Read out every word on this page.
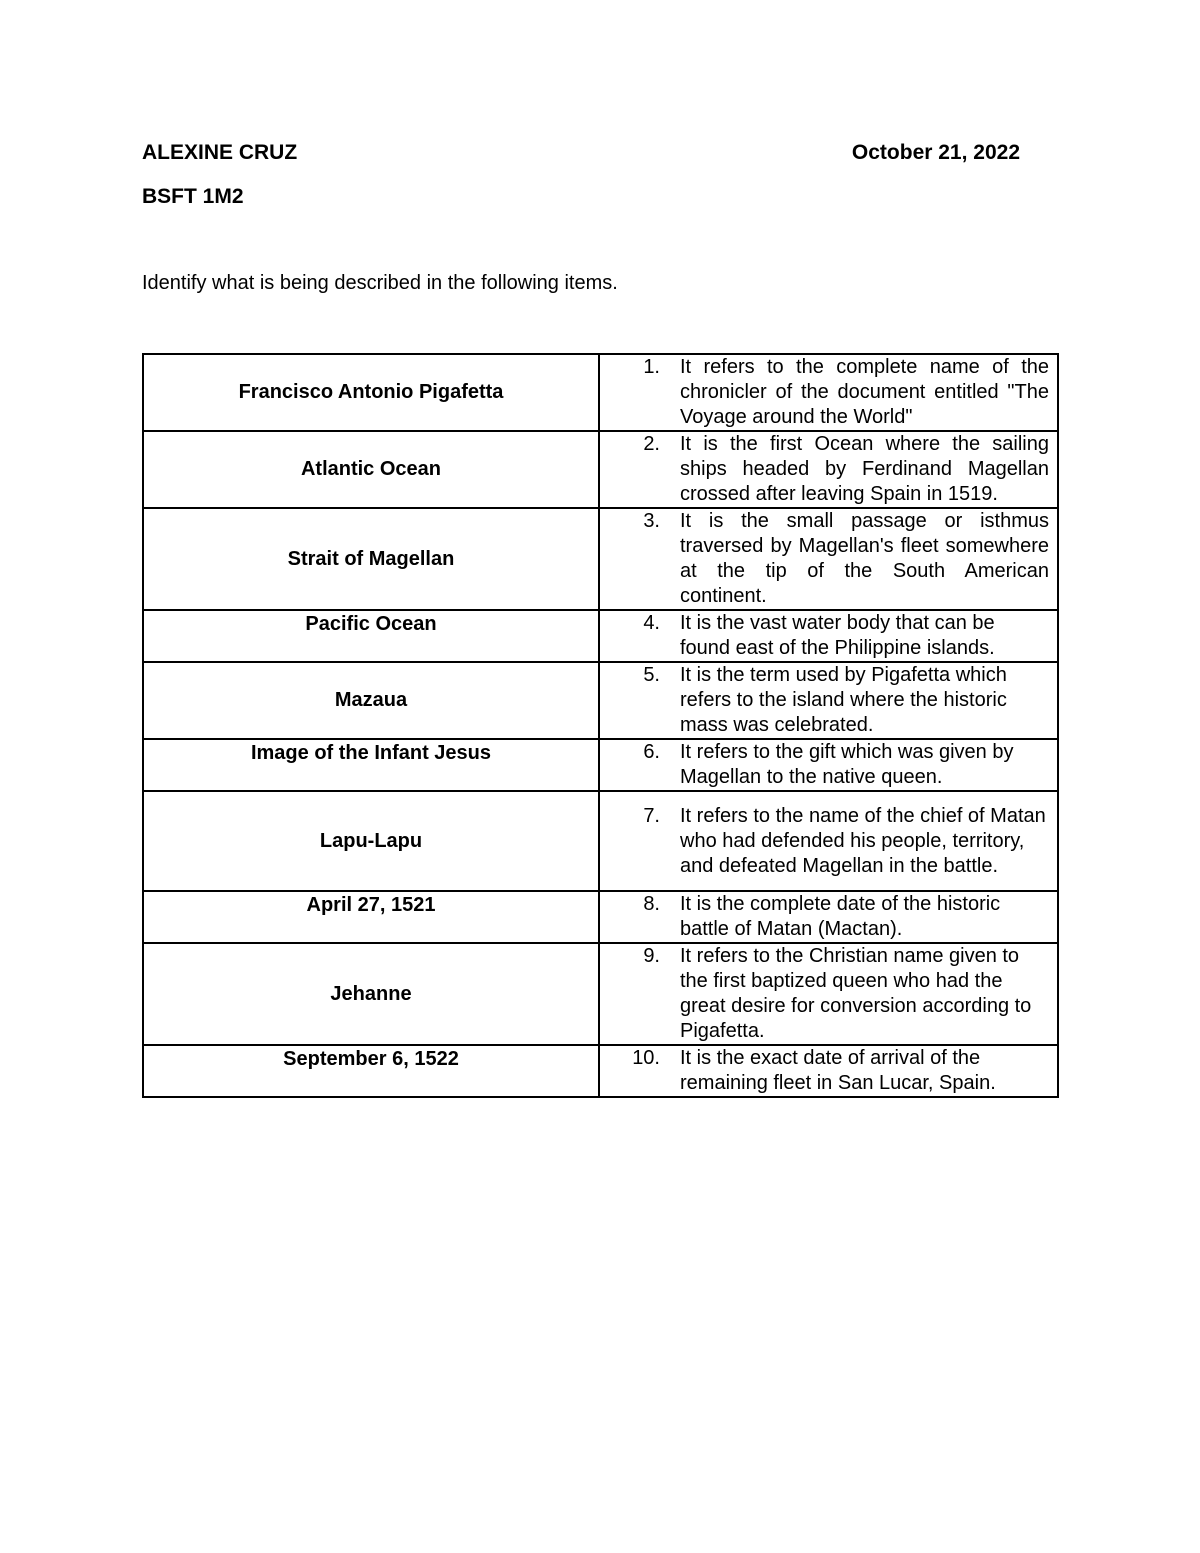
ALEXINE CRUZ	October 21, 2022
BSFT 1M2
Identify what is being described in the following items.
Francisco Antonio Pigafetta	1. It refers to the complete name of the chronicler of the document entitled "The Voyage around the World"

Atlantic Ocean	2. It is the first Ocean where the sailing ships headed by Ferdinand Magellan crossed after leaving Spain in 1519.

Strait of Magellan	3. It is the small passage or isthmus traversed by Magellan's fleet somewhere at the tip of the South American continent.

Pacific Ocean	4. It is the vast water body that can be found east of the Philippine islands.

Mazaua	5. It is the term used by Pigafetta which refers to the island where the historic mass was celebrated.

Image of the Infant Jesus	6. It refers to the gift which was given by Magellan to the native queen.

Lapu-Lapu	7. It refers to the name of the chief of Matan who had defended his people, territory, and defeated Magellan in the battle.

April 27, 1521	8. It is the complete date of the historic battle of Matan (Mactan).

Jehanne	9. It refers to the Christian name given to the first baptized queen who had the great desire for conversion according to Pigafetta.

September 6, 1522	10. It is the exact date of arrival of the remaining fleet in San Lucar, Spain.
